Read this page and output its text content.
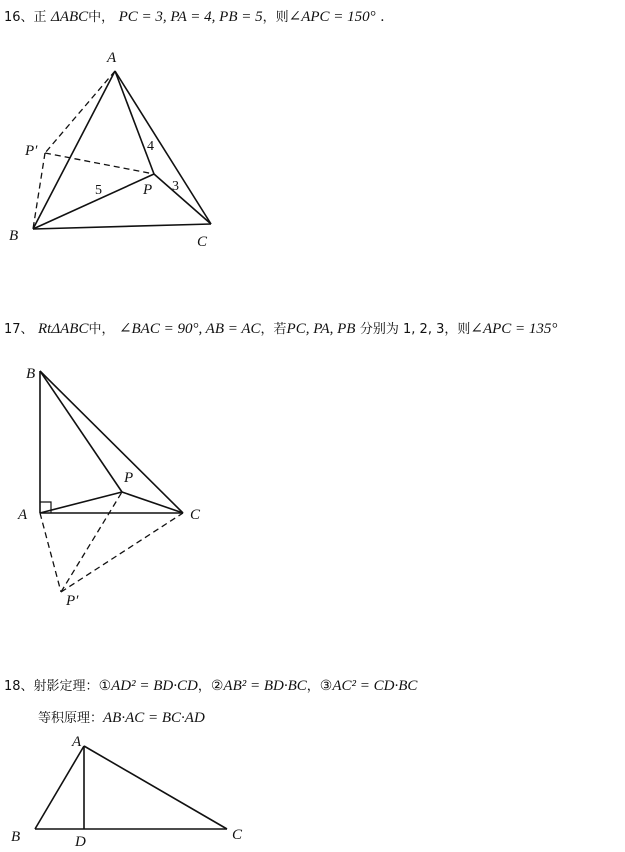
16、正 ΔABC中， PC = 3, PA = 4, PB = 5，则∠APC = 150° .
A
B	C
P
P′	4
5	3
17、 RtΔABC中， ∠BAC = 90°, AB = AC，若PC, PA, PB 分别为 1, 2, 3，则∠APC = 135°
B
A	C
P
P′
18、射影定理：①AD² = BD·CD，②AB² = BD·BC，③AC² = CD·BC
等积原理：AB·AC = BC·AD
A
B	C
D
